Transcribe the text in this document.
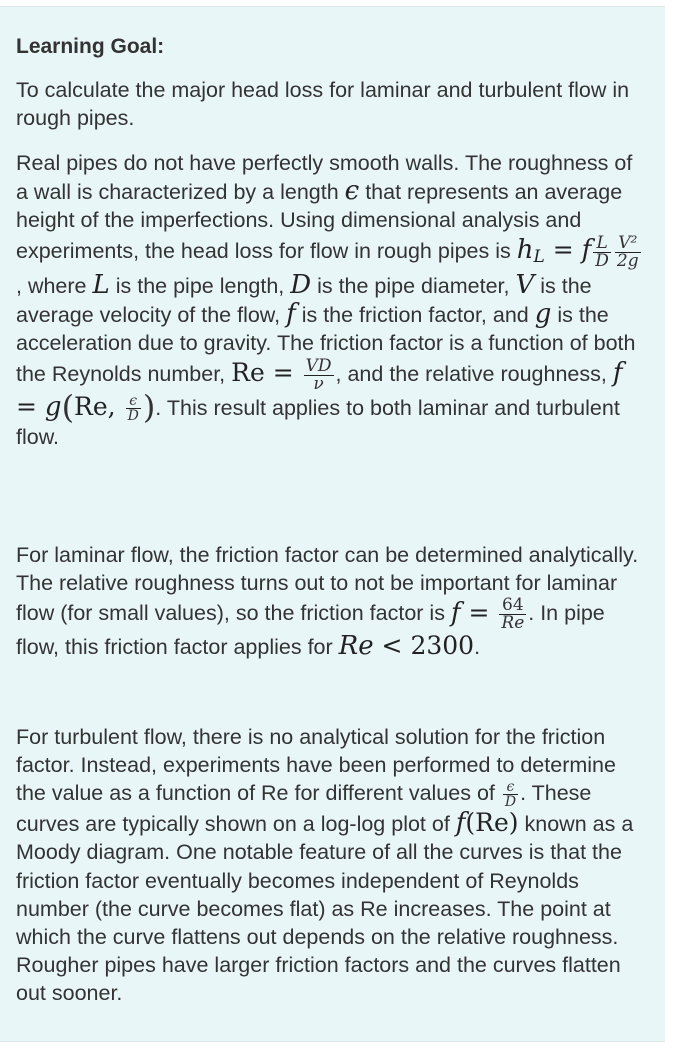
Learning Goal:

To calculate the major head loss for laminar and turbulent flow in rough pipes.

Real pipes do not have perfectly smooth walls. The roughness of a wall is characterized by a length ϵ that represents an average height of the imperfections. Using dimensional analysis and experiments, the head loss for flow in rough pipes is $h_L = f \frac{L}{D} \frac{\text{V²}}{2g}$
, where L is the pipe length, D is the pipe diameter, V is the average velocity of the flow, f is the friction factor, and g is the acceleration due to gravity. The friction factor is a function of both the Reynolds number, $Re = \frac{VD}{\nu}$ , and the relative roughness, f = g(Re, $\frac{\epsilon}{D}$ ). This result applies to both laminar and turbulent flow.

For laminar flow, the friction factor can be determined analytically. The relative roughness turns out to not be important for laminar flow (for small values), so the friction factor is $f = \frac{64}{Re}$ . In pipe flow, this friction factor applies for Re < 2300.

For turbulent flow, there is no analytical solution for the friction factor. Instead, experiments have been performed to determine the value as a function of Re for different values of $\frac{\epsilon}{D}$ . These curves are typically shown on a log-log plot of f(Re) known as a Moody diagram. One notable feature of all the curves is that the friction factor eventually becomes independent of Reynolds number (the curve becomes flat) as Re increases. The point at which the curve flattens out depends on the relative roughness. Rougher pipes have larger friction factors and the curves flatten out sooner.
